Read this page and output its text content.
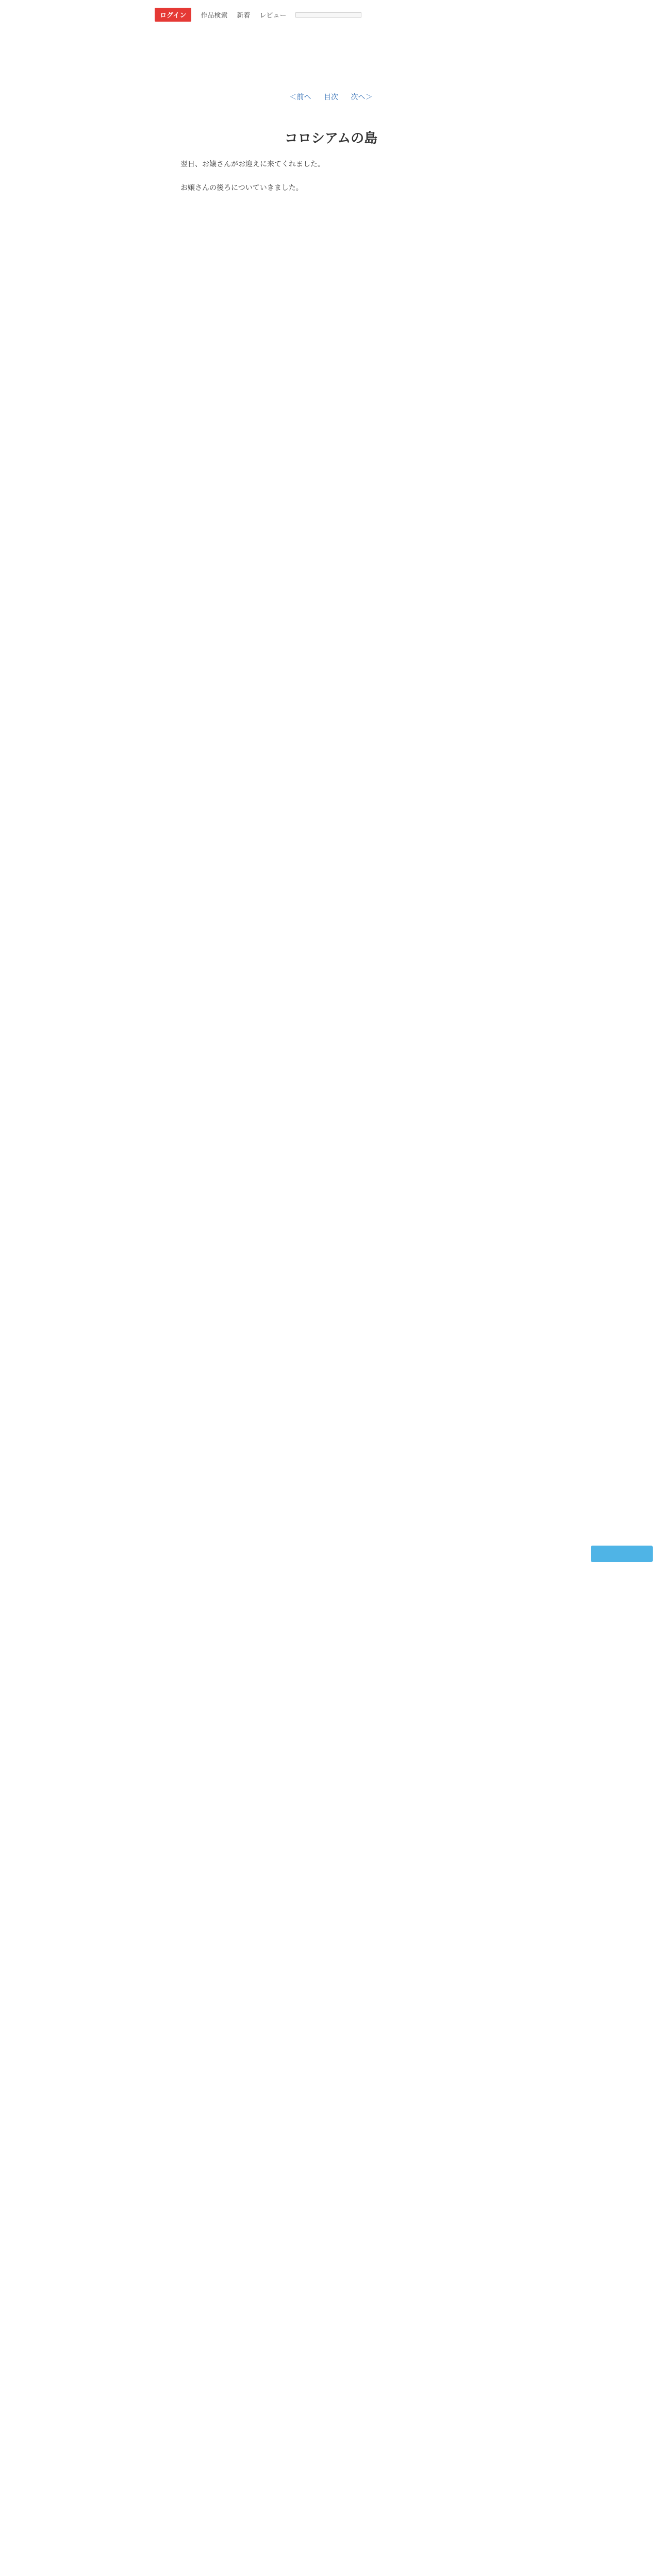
ログイン	作品検索 新着 レビュー
＜前へ 目次 次へ＞
コロシアムの島

翌日、お嬢さんがお迎えに来てくれました。

お嬢さんの後ろについていきました。
